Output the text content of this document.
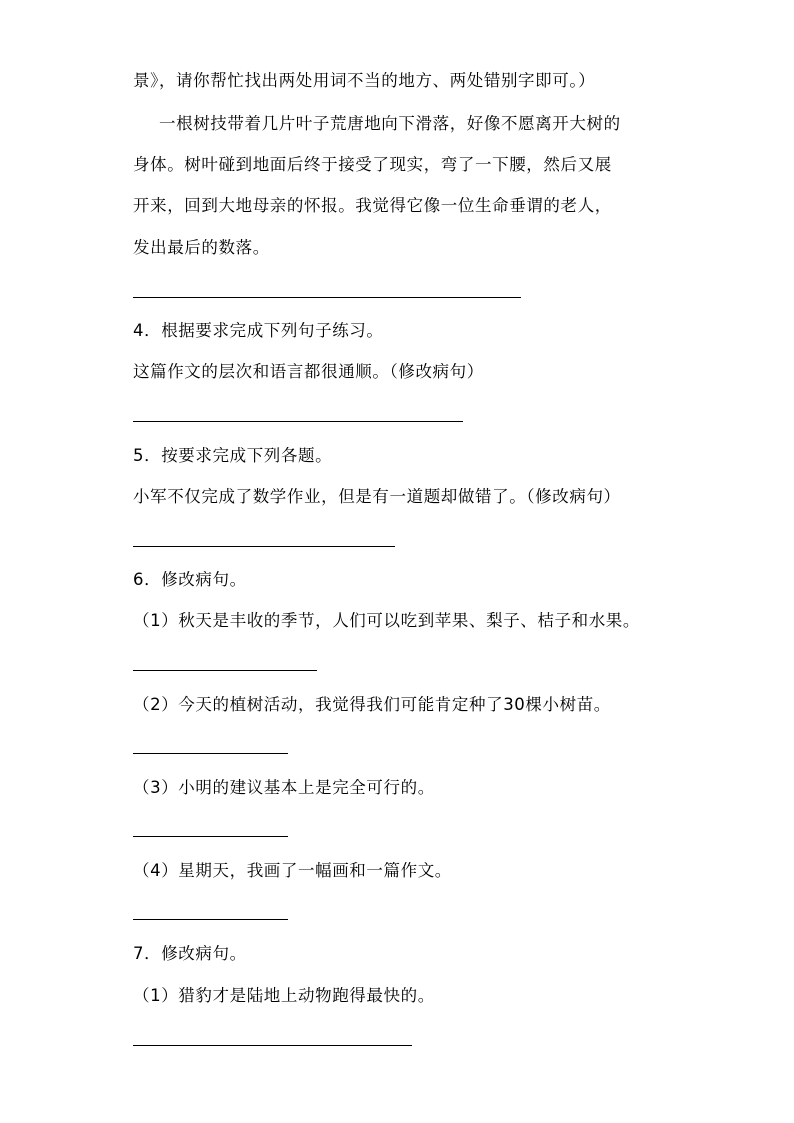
景》，请你帮忙找出两处用词不当的地方、两处错别字即可。）
一根树技带着几片叶子荒唐地向下滑落，好像不愿离开大树的
身体。树叶碰到地面后终于接受了现实，弯了一下腰，然后又展
开来，回到大地母亲的怀报。我觉得它像一位生命垂谓的老人，
发出最后的数落。
4．根据要求完成下列句子练习。
这篇作文的层次和语言都很通顺。（修改病句）
5．按要求完成下列各题。
小军不仅完成了数学作业，但是有一道题却做错了。（修改病句）
6．修改病句。
（1）秋天是丰收的季节，人们可以吃到苹果、梨子、桔子和水果。
（2）今天的植树活动，我觉得我们可能肯定种了30棵小树苗。
（3）小明的建议基本上是完全可行的。
（4）星期天，我画了一幅画和一篇作文。
7．修改病句。
（1）猎豹才是陆地上动物跑得最快的。
